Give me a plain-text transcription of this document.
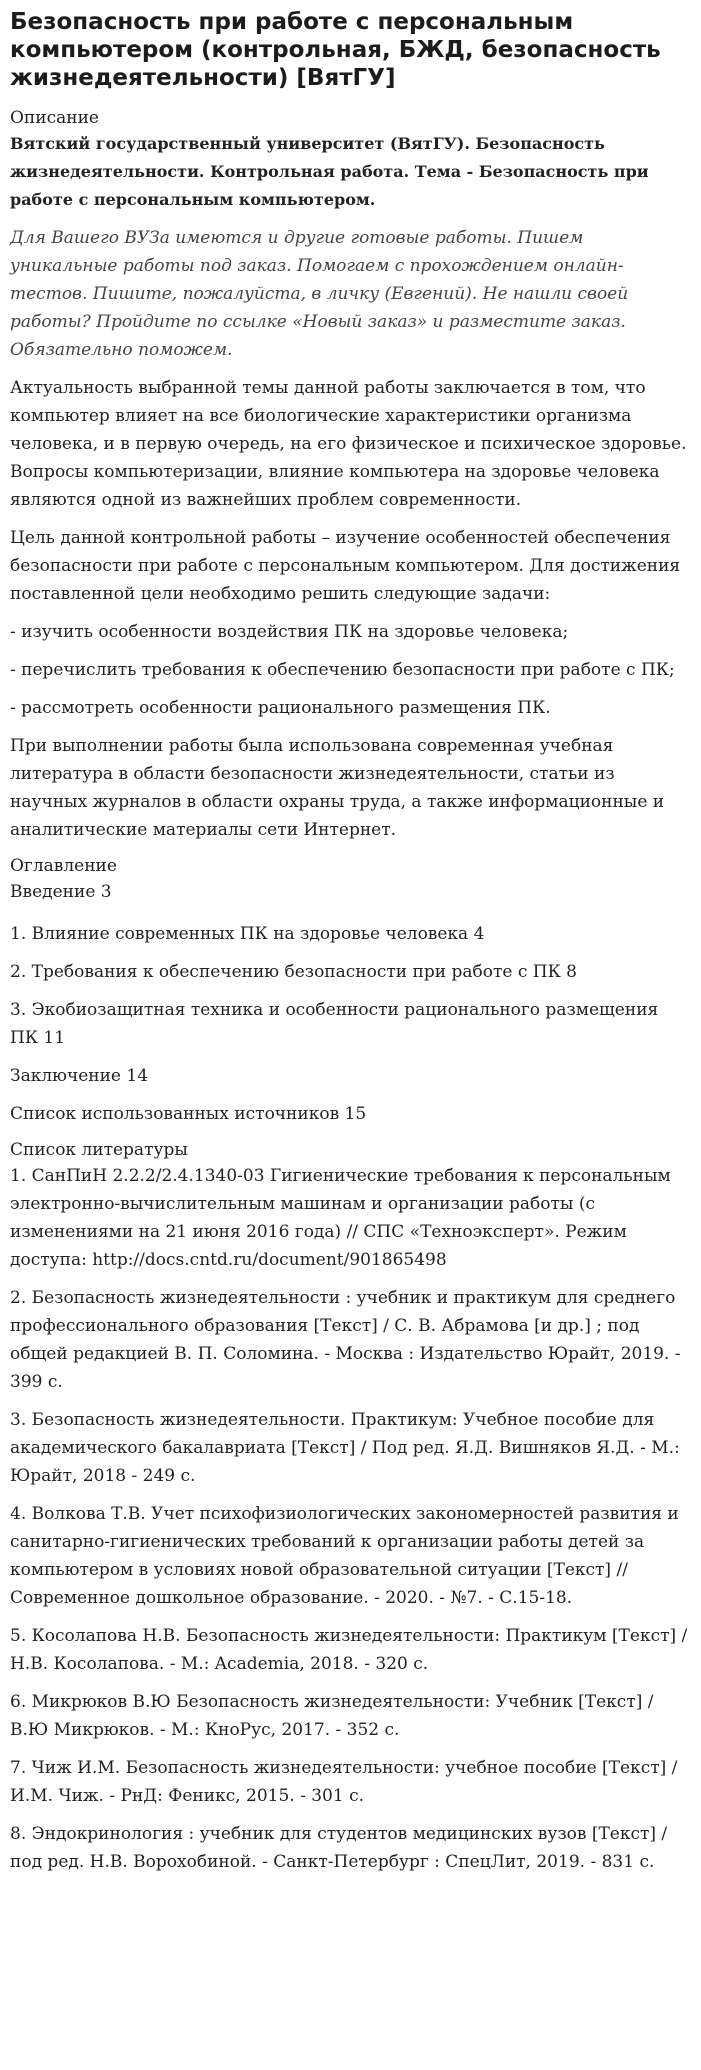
Безопасность при работе с персональным компьютером (контрольная, БЖД, безопасность жизнедеятельности) [ВятГУ]
Описание
Вятский государственный университет (ВятГУ). Безопасность жизнедеятельности. Контрольная работа. Тема - Безопасность при работе с персональным компьютером.
Для Вашего ВУЗа имеются и другие готовые работы. Пишем уникальные работы под заказ. Помогаем с прохождением онлайн-тестов. Пишите, пожалуйста, в личку (Евгений). Не нашли своей работы? Пройдите по ссылке «Новый заказ» и разместите заказ. Обязательно поможем.

Актуальность выбранной темы данной работы заключается в том, что компьютер влияет на все биологические характеристики организма человека, и в первую очередь, на его физическое и психическое здоровье. Вопросы компьютеризации, влияние компьютера на здоровье человека являются одной из важнейших проблем современности.

Цель данной контрольной работы – изучение особенностей обеспечения безопасности при работе с персональным компьютером. Для достижения поставленной цели необходимо решить следующие задачи:

- изучить особенности воздействия ПК на здоровье человека;

- перечислить требования к обеспечению безопасности при работе с ПК;

- рассмотреть особенности рационального размещения ПК.

При выполнении работы была использована современная учебная литература в области безопасности жизнедеятельности, статьи из научных журналов в области охраны труда, а также информационные и аналитические материалы сети Интернет.

Оглавление
Введение 3
1. Влияние современных ПК на здоровье человека 4
2. Требования к обеспечению безопасности при работе с ПК 8
3. Экобиозащитная техника и особенности рационального размещения ПК 11
Заключение 14
Список использованных источников 15
Список литературы
1. СанПиН 2.2.2/2.4.1340-03 Гигиенические требования к персональным электронно-вычислительным машинам и организации работы (с изменениями на 21 июня 2016 года) // СПС «Техноэксперт». Режим доступа: http://docs.cntd.ru/document/901865498
2. Безопасность жизнедеятельности : учебник и практикум для среднего профессионального образования [Текст] / С. В. Абрамова [и др.] ; под общей редакцией В. П. Соломина. - Москва : Издательство Юрайт, 2019. - 399 с.
3. Безопасность жизнедеятельности. Практикум: Учебное пособие для академического бакалавриата [Текст] / Под ред. Я.Д. Вишняков Я.Д. - М.: Юрайт, 2018 - 249 с.
4. Волкова Т.В. Учет психофизиологических закономерностей развития и санитарно-гигиенических требований к организации работы детей за компьютером в условиях новой образовательной ситуации [Текст] // Современное дошкольное образование. - 2020. - №7. - С.15-18.
5. Косолапова Н.В. Безопасность жизнедеятельности: Практикум [Текст] / Н.В. Косолапова. - М.: Academia, 2018. - 320 с.
6. Микрюков В.Ю Безопасность жизнедеятельности: Учебник [Текст] / В.Ю Микрюков. - М.: КноРус, 2017. - 352 с.
7. Чиж И.М. Безопасность жизнедеятельности: учебное пособие [Текст] / И.М. Чиж. - РнД: Феникс, 2015. - 301 с.
8. Эндокринология : учебник для студентов медицинских вузов [Текст] / под ред. Н.В. Ворохобиной. - Санкт-Петербург : СпецЛит, 2019. - 831 с.
